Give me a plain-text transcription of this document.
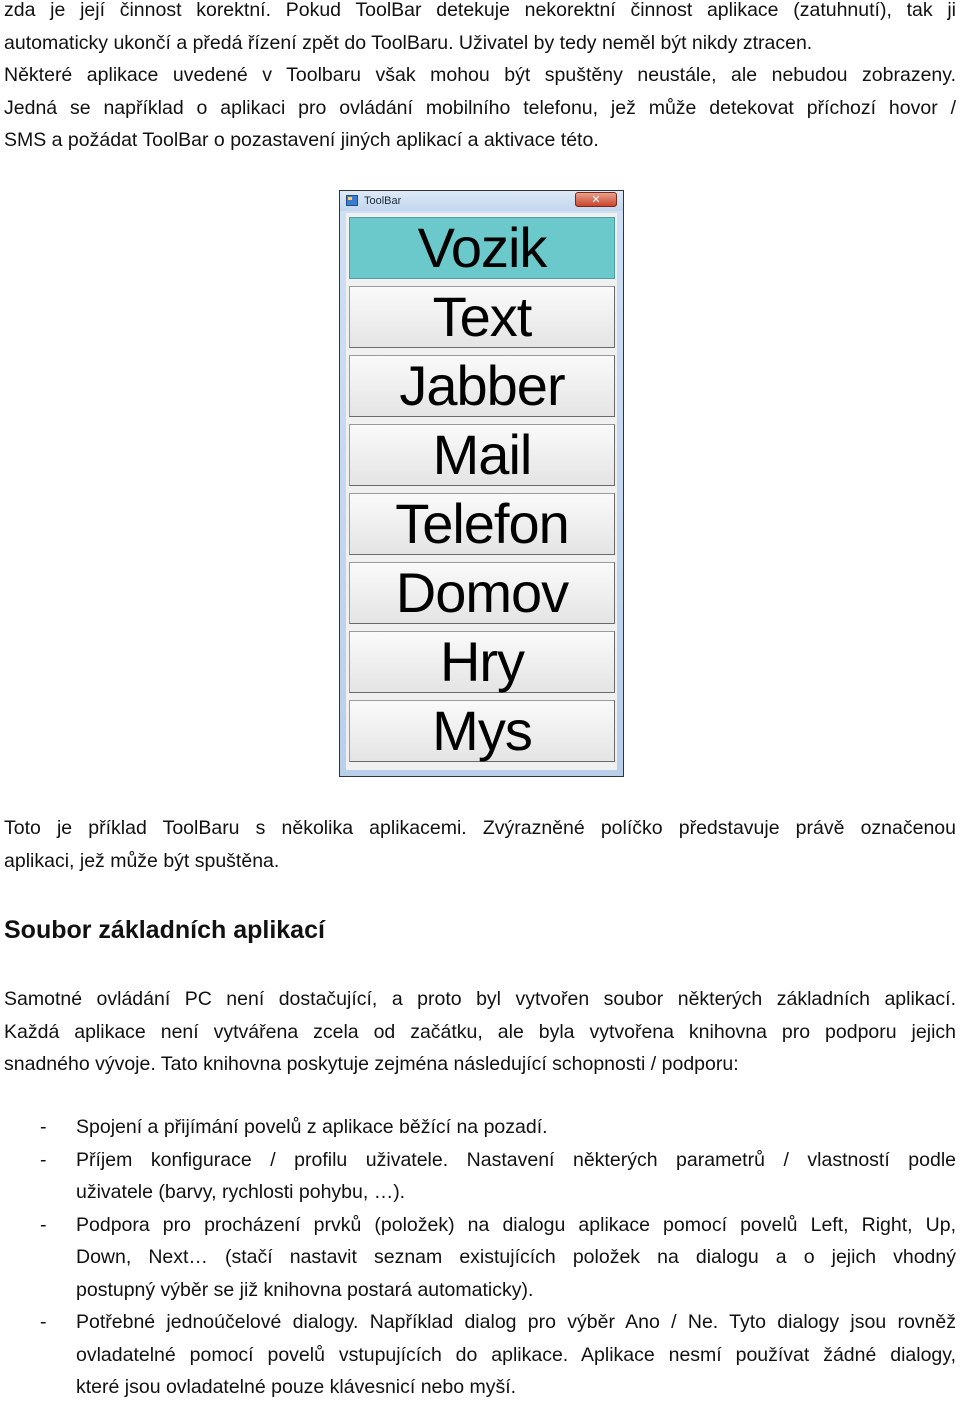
zda je její činnost korektní. Pokud ToolBar detekuje nekorektní činnost aplikace (zatuhnutí), tak ji
automaticky ukončí a předá řízení zpět do ToolBaru. Uživatel by tedy neměl být nikdy ztracen.
Některé aplikace uvedené v Toolbaru však mohou být spuštěny neustále, ale nebudou zobrazeny.
Jedná se například o aplikaci pro ovládání mobilního telefonu, jež může detekovat příchozí hovor /
SMS a požádat ToolBar o pozastavení jiných aplikací a aktivace této.
ToolBar	✕
Vozik
Text
Jabber
Mail
Telefon
Domov
Hry
Mys
Toto je příklad ToolBaru s několika aplikacemi. Zvýrazněné políčko představuje právě označenou
aplikaci, jež může být spuštěna.
Soubor základních aplikací
Samotné ovládání PC není dostačující, a proto byl vytvořen soubor některých základních aplikací.
Každá aplikace není vytvářena zcela od začátku, ale byla vytvořena knihovna pro podporu jejich
snadného vývoje. Tato knihovna poskytuje zejména následující schopnosti / podporu:
- Spojení a přijímání povelů z aplikace běžící na pozadí.
- Příjem konfigurace / profilu uživatele. Nastavení některých parametrů / vlastností podle
uživatele (barvy, rychlosti pohybu, …).
- Podpora pro procházení prvků (položek) na dialogu aplikace pomocí povelů Left, Right, Up,
Down, Next… (stačí nastavit seznam existujících položek na dialogu a o jejich vhodný
postupný výběr se již knihovna postará automaticky).
- Potřebné jednoúčelové dialogy. Například dialog pro výběr Ano / Ne. Tyto dialogy jsou rovněž
ovladatelné pomocí povelů vstupujících do aplikace. Aplikace nesmí používat žádné dialogy,
které jsou ovladatelné pouze klávesnicí nebo myší.
